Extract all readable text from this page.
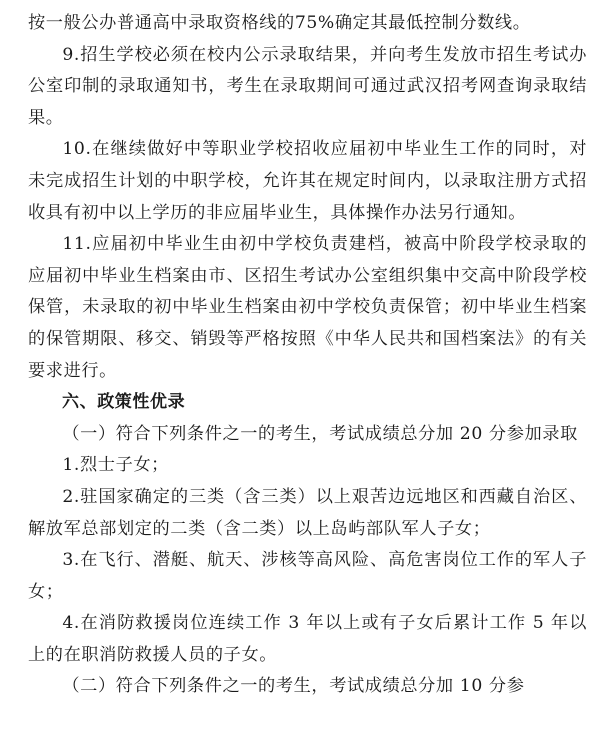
按一般公办普通高中录取资格线的75%确定其最低控制分数线。

9.招生学校必须在校内公示录取结果，并向考生发放市招生考试办公室印制的录取通知书，考生在录取期间可通过武汉招考网查询录取结果。

10.在继续做好中等职业学校招收应届初中毕业生工作的同时，对未完成招生计划的中职学校，允许其在规定时间内，以录取注册方式招收具有初中以上学历的非应届毕业生，具体操作办法另行通知。

11.应届初中毕业生由初中学校负责建档，被高中阶段学校录取的应届初中毕业生档案由市、区招生考试办公室组织集中交高中阶段学校保管，未录取的初中毕业生档案由初中学校负责保管；初中毕业生档案的保管期限、移交、销毁等严格按照《中华人民共和国档案法》的有关要求进行。

六、政策性优录

（一）符合下列条件之一的考生，考试成绩总分加 20 分参加录取

1.烈士子女；

2.驻国家确定的三类（含三类）以上艰苦边远地区和西藏自治区、解放军总部划定的二类（含二类）以上岛屿部队军人子女；

3.在飞行、潜艇、航天、涉核等高风险、高危害岗位工作的军人子女；

4.在消防救援岗位连续工作 3 年以上或有子女后累计工作 5 年以上的在职消防救援人员的子女。

（二）符合下列条件之一的考生，考试成绩总分加 10 分参
